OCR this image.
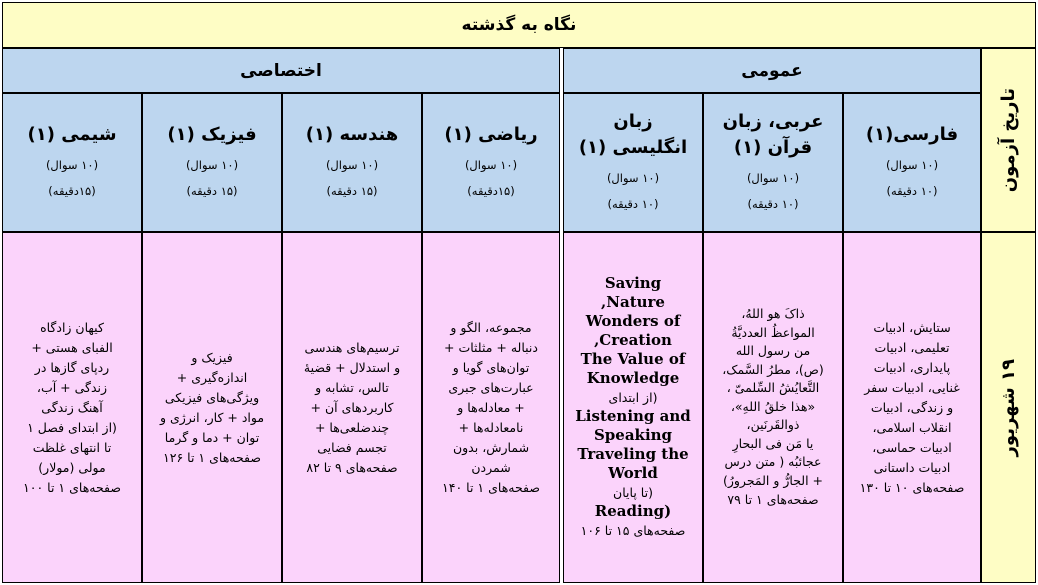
نگاه به گذشته
اختصاصی	عمومی
تاریخ آزمون
۱۹ شهریور
فارسی(۱)
(۱۰ سوال)
(۱۰ دقیقه)
عربی، زبان قرآن (۱)
(۱۰ سوال)
(۱۰ دقیقه)
زبان انگلیسی (۱)
(۱۰ سوال)
(۱۰ دقیقه)
ریاضی (۱)
(۱۰ سوال)
(۱۵دقیقه)
هندسه (۱)
(۱۰ سوال)
(۱۵ دقیقه)
فیزیک (۱)
(۱۰ سوال)
(۱۵ دقیقه)
شیمی (۱)
(۱۰ سوال)
(۱۵دقیقه)
ستایش، ادبیات
تعلیمی، ادبیات
پایداری، ادبیات
غنایی، ادبیات سفر
و زندگی، ادبیات
انقلاب اسلامی،
ادبیات حماسی،
ادبیات داستانی
صفحه‌های ۱۰ تا ۱۳۰
ذاکَ هو اللهُ،
المواعظُ العدديَّةُ
من رسول الله
(ص)، مطرُ السَّمک،
التَّعایُشُ السِّلمیّ ،
«هذا خلقُ اللهِ»،
ذوالقَرنَین،
یا مَن فی البحارِ
عجائبُه ( متن درس
+ الجارُّ و المَجرورُ)
صفحه‌های ۱ تا ۷۹
Saving
Nature,
Wonders of
Creation,
The Value of
Knowledge
(از ابتدای
Listening and
Speaking
Traveling the
World
(تا پایان
(Reading
صفحه‌های ۱۵ تا ۱۰۶
مجموعه، الگو و
دنباله + مثلثات +
توان‌های گویا و
عبارت‌های جبری
+ معادله‌ها و
نامعادله‌ها +
شمارش، بدون
شمردن
صفحه‌های ۱ تا ۱۴۰
ترسیم‌های هندسی
و استدلال + قضیهٔ
تالس، تشابه و
کاربردهای آن +
چندضلعی‌ها +
تجسم فضایی
صفحه‌های ۹ تا ۸۲
فیزیک و
اندازه‌گیری +
ویژگی‌های فیزیکی
مواد + کار، انرژی و
توان + دما و گرما
صفحه‌های ۱ تا ۱۲۶
کیهان زادگاه
الفبای هستی +
ردپای گازها در
زندگی + آب،
آهنگ زندگی
(از ابتدای فصل ۱
تا انتهای غلظت
مولی (مولار)
صفحه‌های ۱ تا ۱۰۰
